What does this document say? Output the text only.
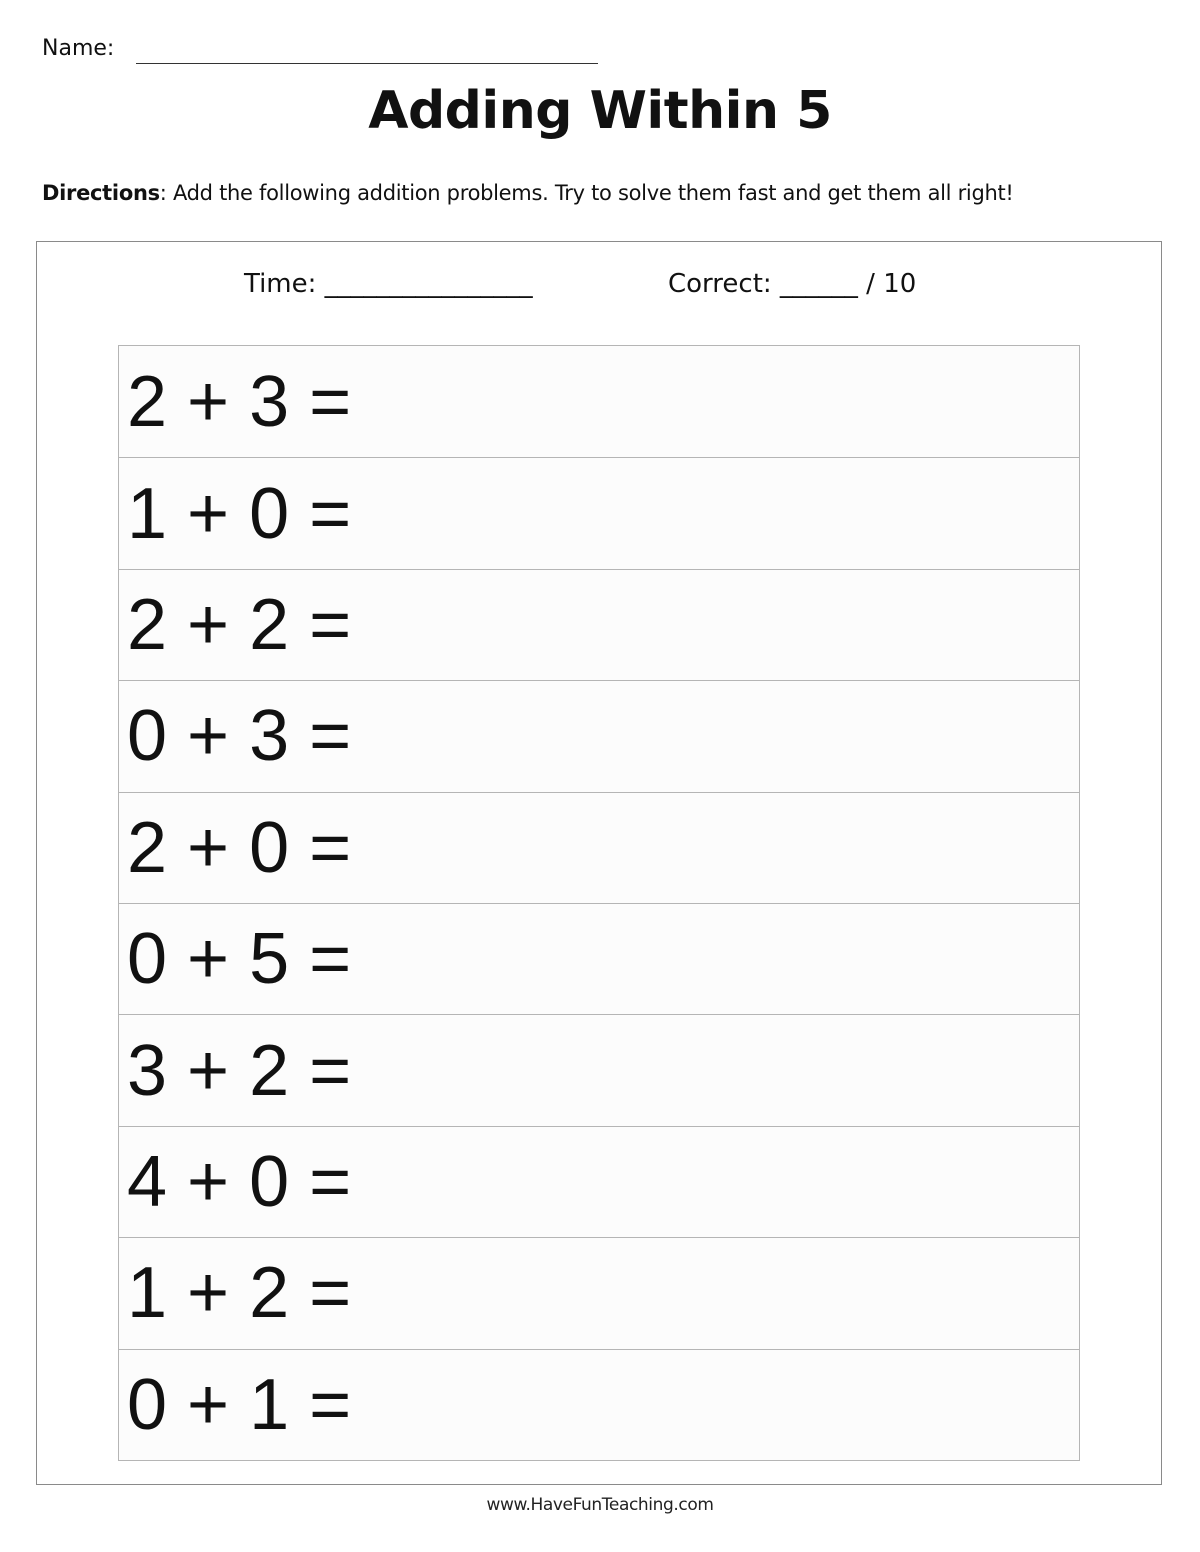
Name:
Adding Within 5
Directions: Add the following addition problems. Try to solve them fast and get them all right!
Time: ________________	Correct: ______ / 10
2 + 3 =
1 + 0 =
2 + 2 =
0 + 3 =
2 + 0 =
0 + 5 =
3 + 2 =
4 + 0 =
1 + 2 =
0 + 1 =
www.HaveFunTeaching.com
